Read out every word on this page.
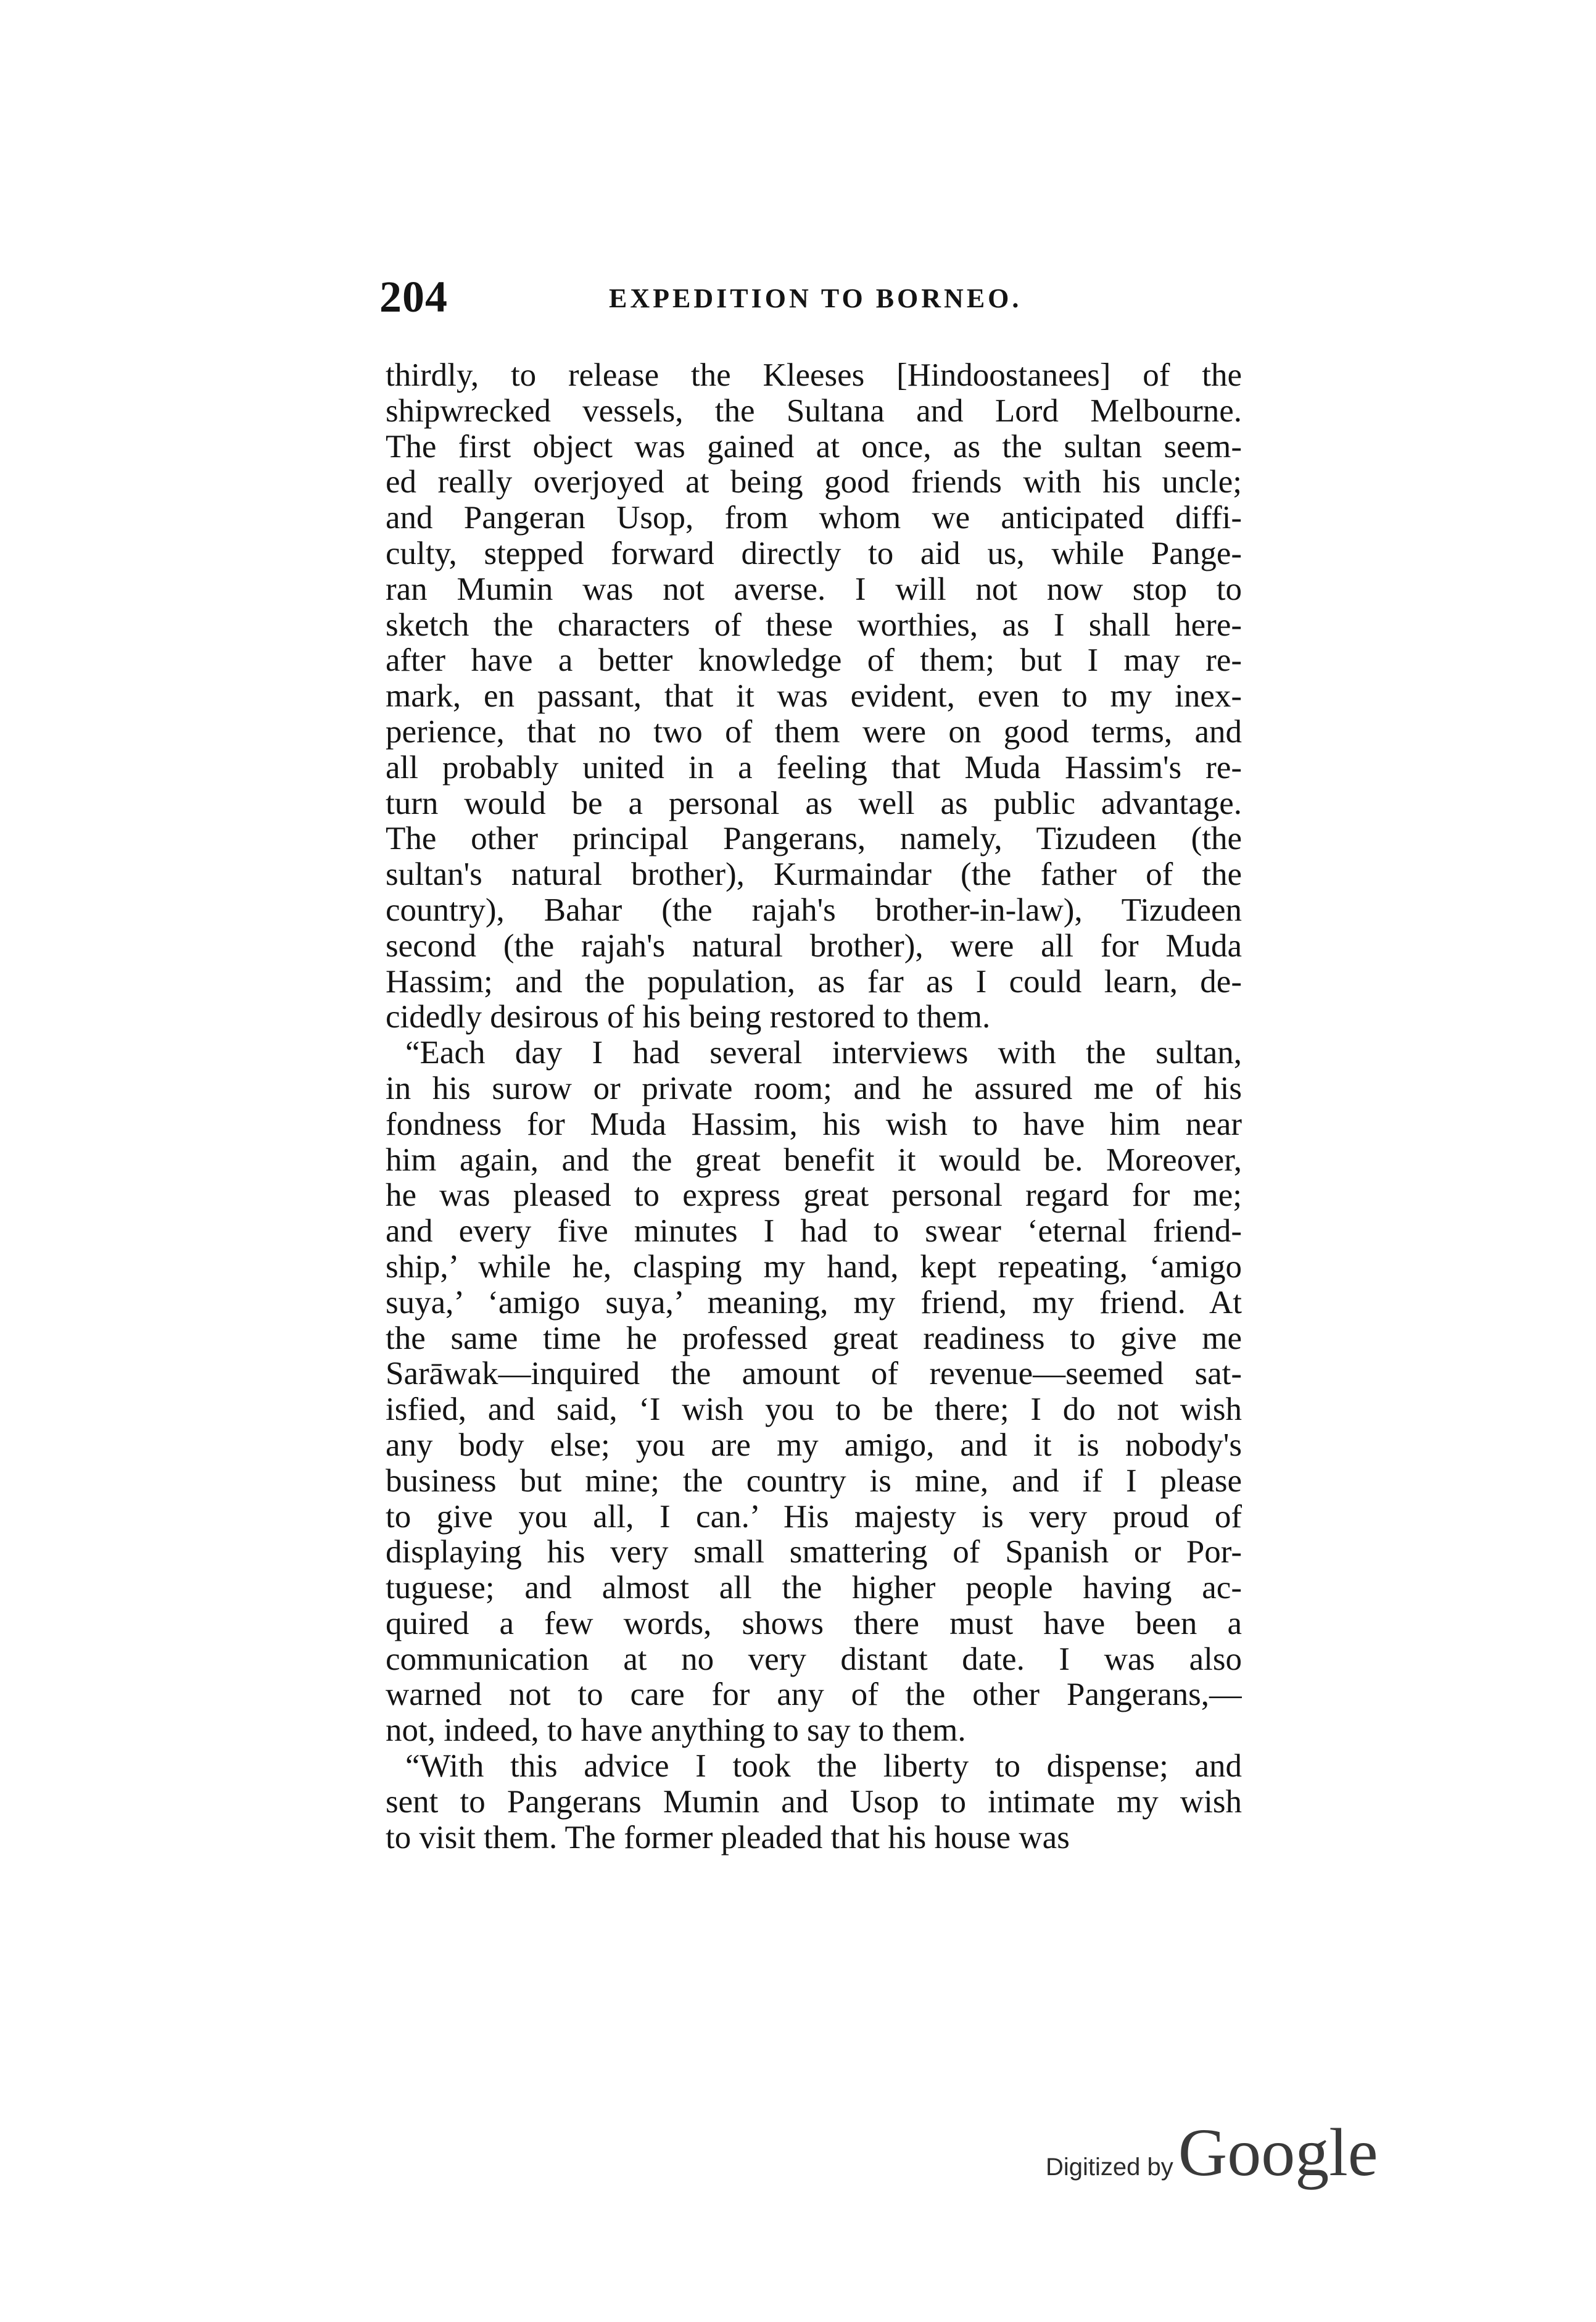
204	EXPEDITION TO BORNEO.
thirdly, to release the Kleeses [Hindoostanees] of the
shipwrecked vessels, the Sultana and Lord Melbourne.
The first object was gained at once, as the sultan seem-
ed really overjoyed at being good friends with his uncle;
and Pangeran Usop, from whom we anticipated diffi-
culty, stepped forward directly to aid us, while Pange-
ran Mumin was not averse. I will not now stop to
sketch the characters of these worthies, as I shall here-
after have a better knowledge of them; but I may re-
mark, en passant, that it was evident, even to my inex-
perience, that no two of them were on good terms, and
all probably united in a feeling that Muda Hassim's re-
turn would be a personal as well as public advantage.
The other principal Pangerans, namely, Tizudeen (the
sultan's natural brother), Kurmaindar (the father of the
country), Bahar (the rajah's brother-in-law), Tizudeen
second (the rajah's natural brother), were all for Muda
Hassim; and the population, as far as I could learn, de-
cidedly desirous of his being restored to them.
“Each day I had several interviews with the sultan,
in his surow or private room; and he assured me of his
fondness for Muda Hassim, his wish to have him near
him again, and the great benefit it would be. Moreover,
he was pleased to express great personal regard for me;
and every five minutes I had to swear ‘eternal friend-
ship,’ while he, clasping my hand, kept repeating, ‘amigo
suya,’ ‘amigo suya,’ meaning, my friend, my friend. At
the same time he professed great readiness to give me
Sarāwak—inquired the amount of revenue—seemed sat-
isfied, and said, ‘I wish you to be there; I do not wish
any body else; you are my amigo, and it is nobody's
business but mine; the country is mine, and if I please
to give you all, I can.’ His majesty is very proud of
displaying his very small smattering of Spanish or Por-
tuguese; and almost all the higher people having ac-
quired a few words, shows there must have been a
communication at no very distant date. I was also
warned not to care for any of the other Pangerans,—
not, indeed, to have anything to say to them.
“With this advice I took the liberty to dispense; and
sent to Pangerans Mumin and Usop to intimate my wish
to visit them. The former pleaded that his house was
Digitized by Google
